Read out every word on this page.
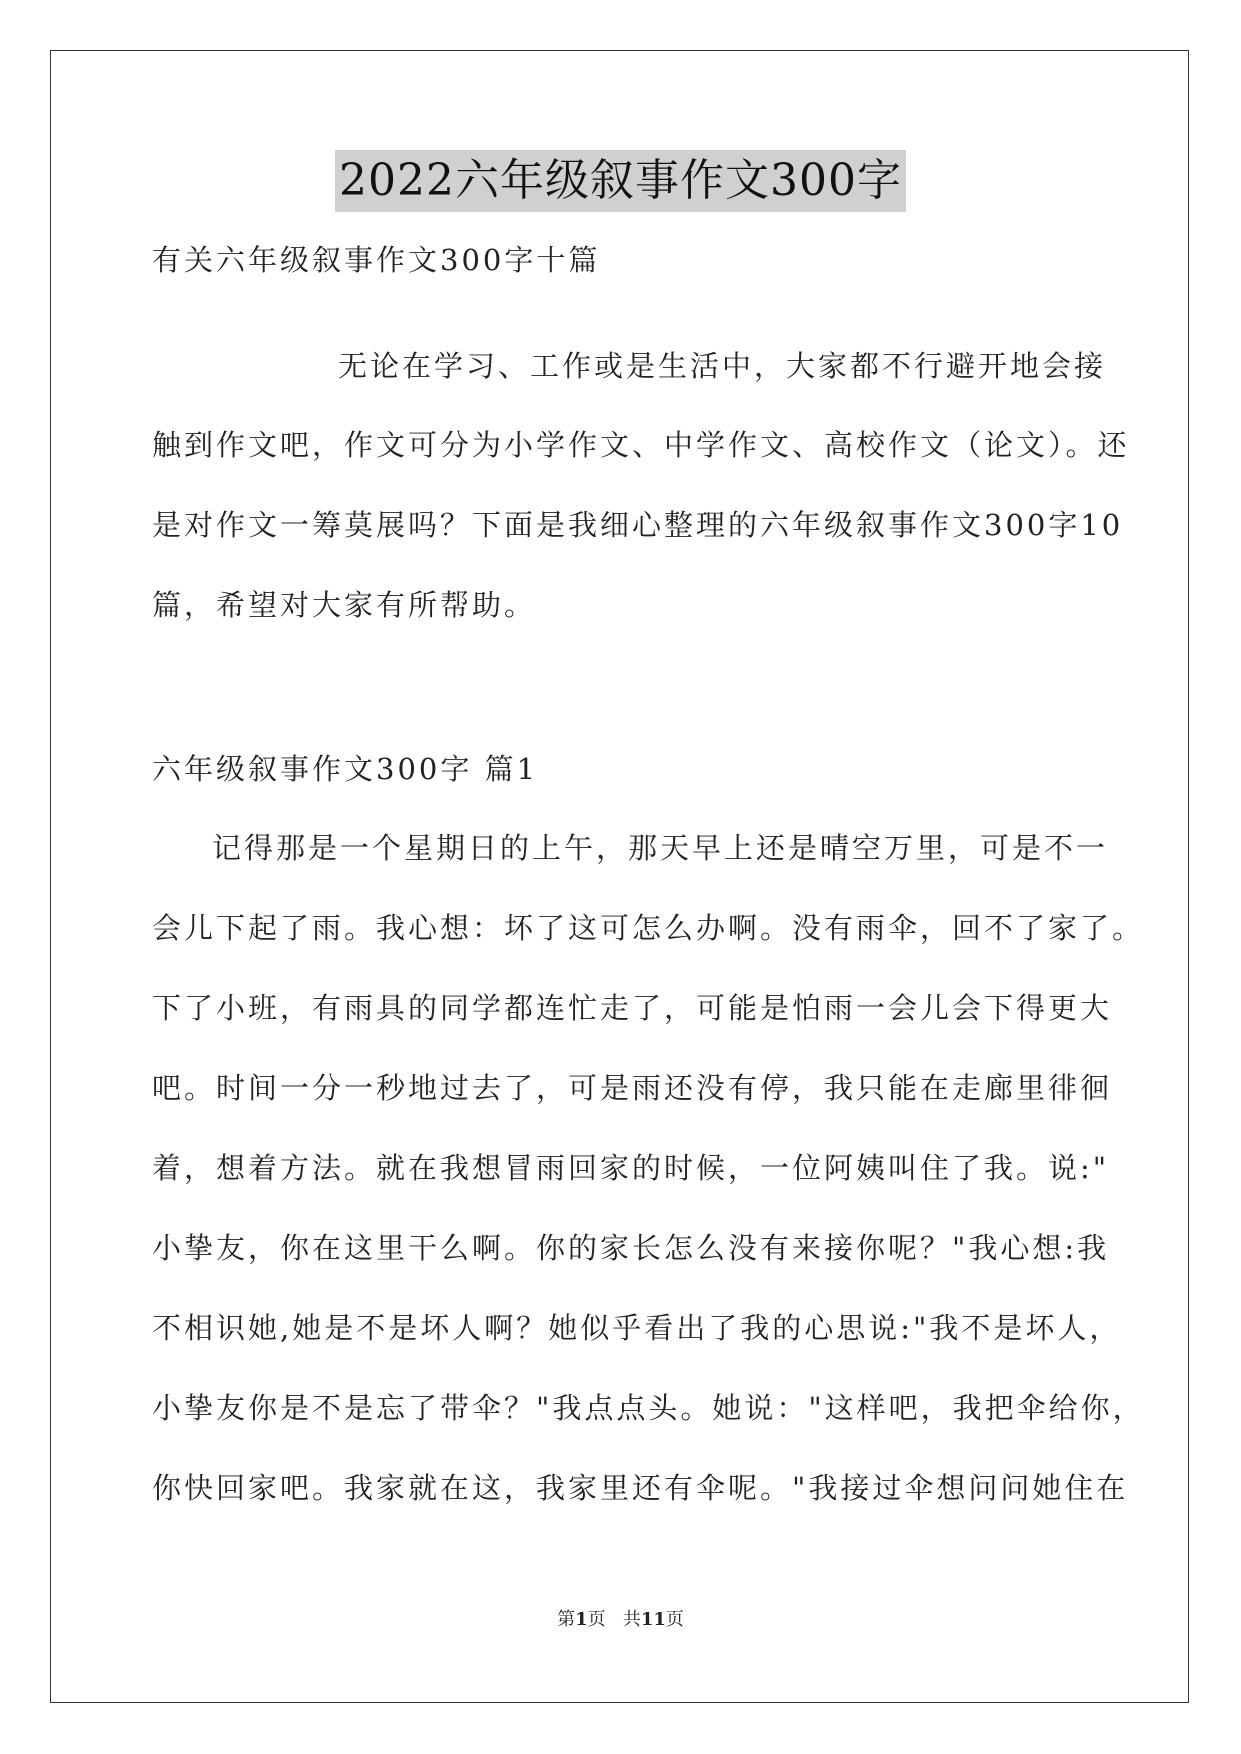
2022六年级叙事作文300字
有关六年级叙事作文300字十篇
无论在学习、工作或是生活中，大家都不行避开地会接
触到作文吧，作文可分为小学作文、中学作文、高校作文（论文）。还
是对作文一筹莫展吗？下面是我细心整理的六年级叙事作文300字10
篇，希望对大家有所帮助。
六年级叙事作文300字 篇1
记得那是一个星期日的上午，那天早上还是晴空万里，可是不一
会儿下起了雨。我心想：坏了这可怎么办啊。没有雨伞，回不了家了。
下了小班，有雨具的同学都连忙走了，可能是怕雨一会儿会下得更大
吧。时间一分一秒地过去了，可是雨还没有停，我只能在走廊里徘徊
着，想着方法。就在我想冒雨回家的时候，一位阿姨叫住了我。说:"
小挚友，你在这里干么啊。你的家长怎么没有来接你呢？"我心想:我
不相识她,她是不是坏人啊？她似乎看出了我的心思说:"我不是坏人，
小挚友你是不是忘了带伞？"我点点头。她说："这样吧，我把伞给你，
你快回家吧。我家就在这，我家里还有伞呢。"我接过伞想问问她住在
第1页 共11页
